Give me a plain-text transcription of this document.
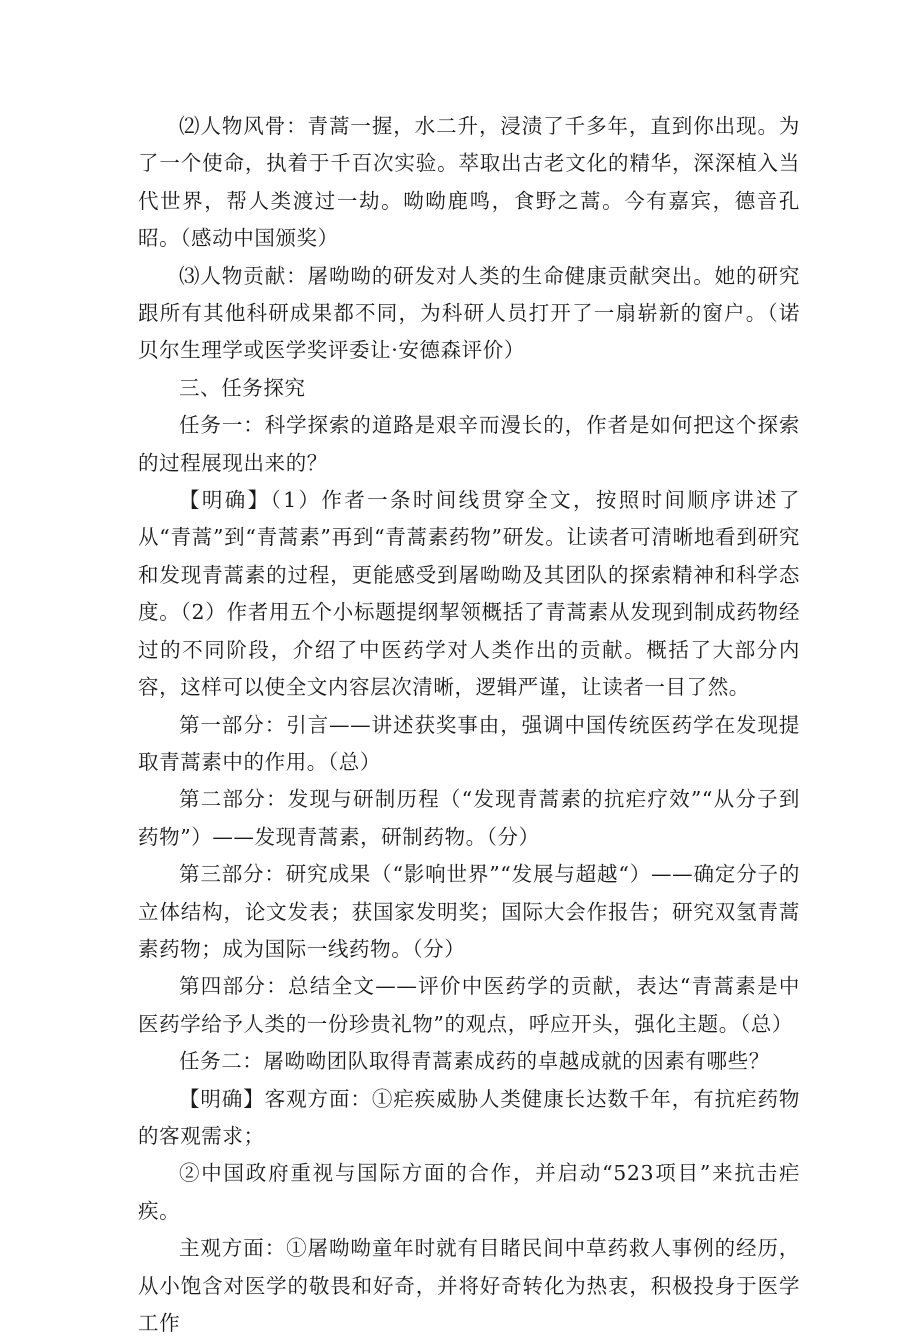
⑵人物风骨：青蒿一握，水二升，浸渍了千多年，直到你出现。为了一个使命，执着于千百次实验。萃取出古老文化的精华，深深植入当代世界，帮人类渡过一劫。呦呦鹿鸣，食野之蒿。今有嘉宾，德音孔昭。（感动中国颁奖）

⑶人物贡献：屠呦呦的研发对人类的生命健康贡献突出。她的研究跟所有其他科研成果都不同，为科研人员打开了一扇崭新的窗户。（诺贝尔生理学或医学奖评委让·安德森评价）

三、任务探究

任务一：科学探索的道路是艰辛而漫长的，作者是如何把这个探索的过程展现出来的？

【明确】（1）作者一条时间线贯穿全文，按照时间顺序讲述了从“青蒿”到“青蒿素”再到“青蒿素药物”研发。让读者可清晰地看到研究和发现青蒿素的过程，更能感受到屠呦呦及其团队的探索精神和科学态度。（2）作者用五个小标题提纲挈领概括了青蒿素从发现到制成药物经过的不同阶段，介绍了中医药学对人类作出的贡献。概括了大部分内容，这样可以使全文内容层次清晰，逻辑严谨，让读者一目了然。

第一部分：引言——讲述获奖事由，强调中国传统医药学在发现提取青蒿素中的作用。（总）

第二部分：发现与研制历程（“发现青蒿素的抗疟疗效”“从分子到药物”）——发现青蒿素，研制药物。（分）

第三部分：研究成果（“影响世界”“发展与超越“）——确定分子的立体结构，论文发表；获国家发明奖；国际大会作报告；研究双氢青蒿素药物；成为国际一线药物。（分）

第四部分：总结全文——评价中医药学的贡献，表达“青蒿素是中医药学给予人类的一份珍贵礼物”的观点，呼应开头，强化主题。（总）

任务二：屠呦呦团队取得青蒿素成药的卓越成就的因素有哪些？

【明确】客观方面：①疟疾威胁人类健康长达数千年，有抗疟药物的客观需求；

②中国政府重视与国际方面的合作，并启动“523项目”来抗击疟疾。

主观方面：①屠呦呦童年时就有目睹民间中草药救人事例的经历，从小饱含对医学的敬畏和好奇，并将好奇转化为热衷，积极投身于医学工作
